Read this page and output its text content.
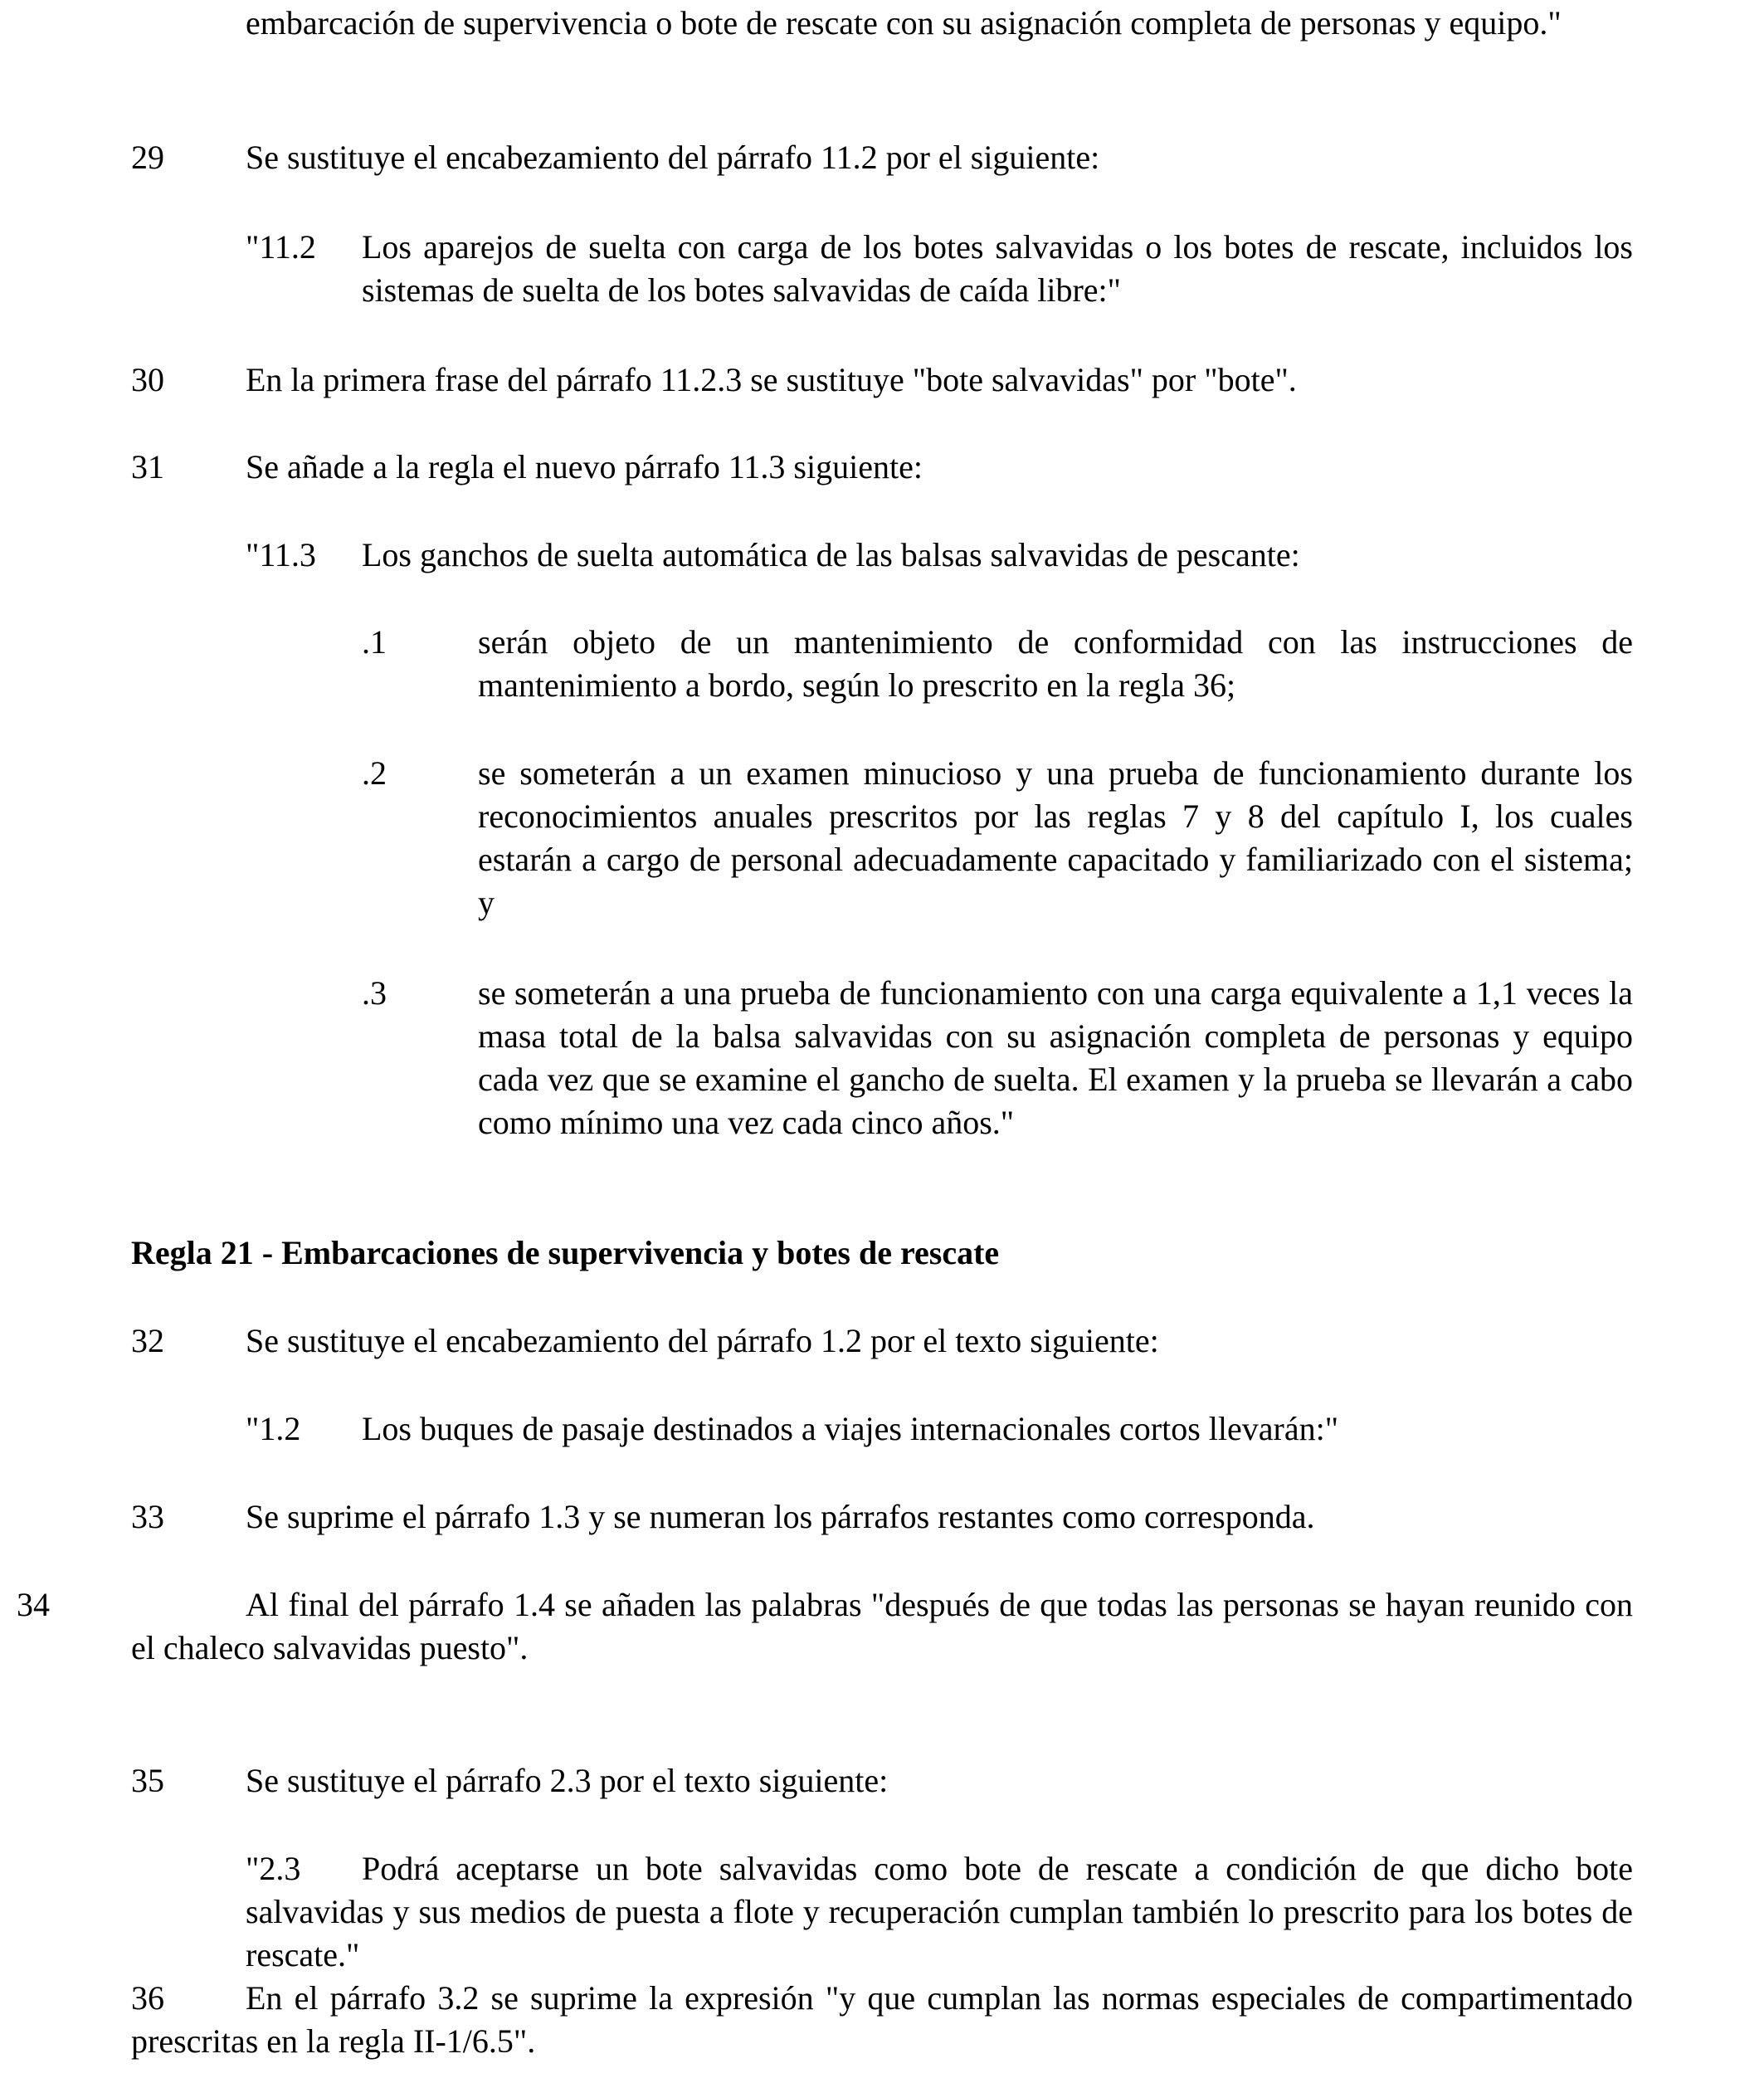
embarcación de supervivencia o bote de rescate con su asignación completa de personas y equipo."

29 Se sustituye el encabezamiento del párrafo 11.2 por el siguiente:
"11.2 Los aparejos de suelta con carga de los botes salvavidas o los botes de rescate, incluidos los sistemas de suelta de los botes salvavidas de caída libre:"

30 En la primera frase del párrafo 11.2.3 se sustituye "bote salvavidas" por "bote".
31 Se añade a la regla el nuevo párrafo 11.3 siguiente:
"11.3 Los ganchos de suelta automática de las balsas salvavidas de pescante:
.1	serán objeto de un mantenimiento de conformidad con las instrucciones de mantenimiento a bordo, según lo prescrito en la regla 36;

.2	se someterán a un examen minucioso y una prueba de funcionamiento durante los reconocimientos anuales prescritos por las reglas 7 y 8 del capítulo I, los cuales estarán a cargo de personal adecuadamente capacitado y familiarizado con el sistema; y

.3	se someterán a una prueba de funcionamiento con una carga equivalente a 1,1 veces la masa total de la balsa salvavidas con su asignación completa de personas y equipo cada vez que se examine el gancho de suelta. El examen y la prueba se llevarán a cabo como mínimo una vez cada cinco años."

Regla 21 - Embarcaciones de supervivencia y botes de rescate
32 Se sustituye el encabezamiento del párrafo 1.2 por el texto siguiente:
"1.2 Los buques de pasaje destinados a viajes internacionales cortos llevarán:"
33 Se suprime el párrafo 1.3 y se numeran los párrafos restantes como corresponda.

34	Al final del párrafo 1.4 se añaden las palabras "después de que todas las personas se hayan reunido con el chaleco salvavidas puesto".

35 Se sustituye el párrafo 2.3 por el texto siguiente:

"2.3 Podrá aceptarse un bote salvavidas como bote de rescate a condición de que dicho bote salvavidas y sus medios de puesta a flote y recuperación cumplan también lo prescrito para los botes de rescate."

36 En el párrafo 3.2 se suprime la expresión "y que cumplan las normas especiales de compartimentado prescritas en la regla II-1/6.5".
